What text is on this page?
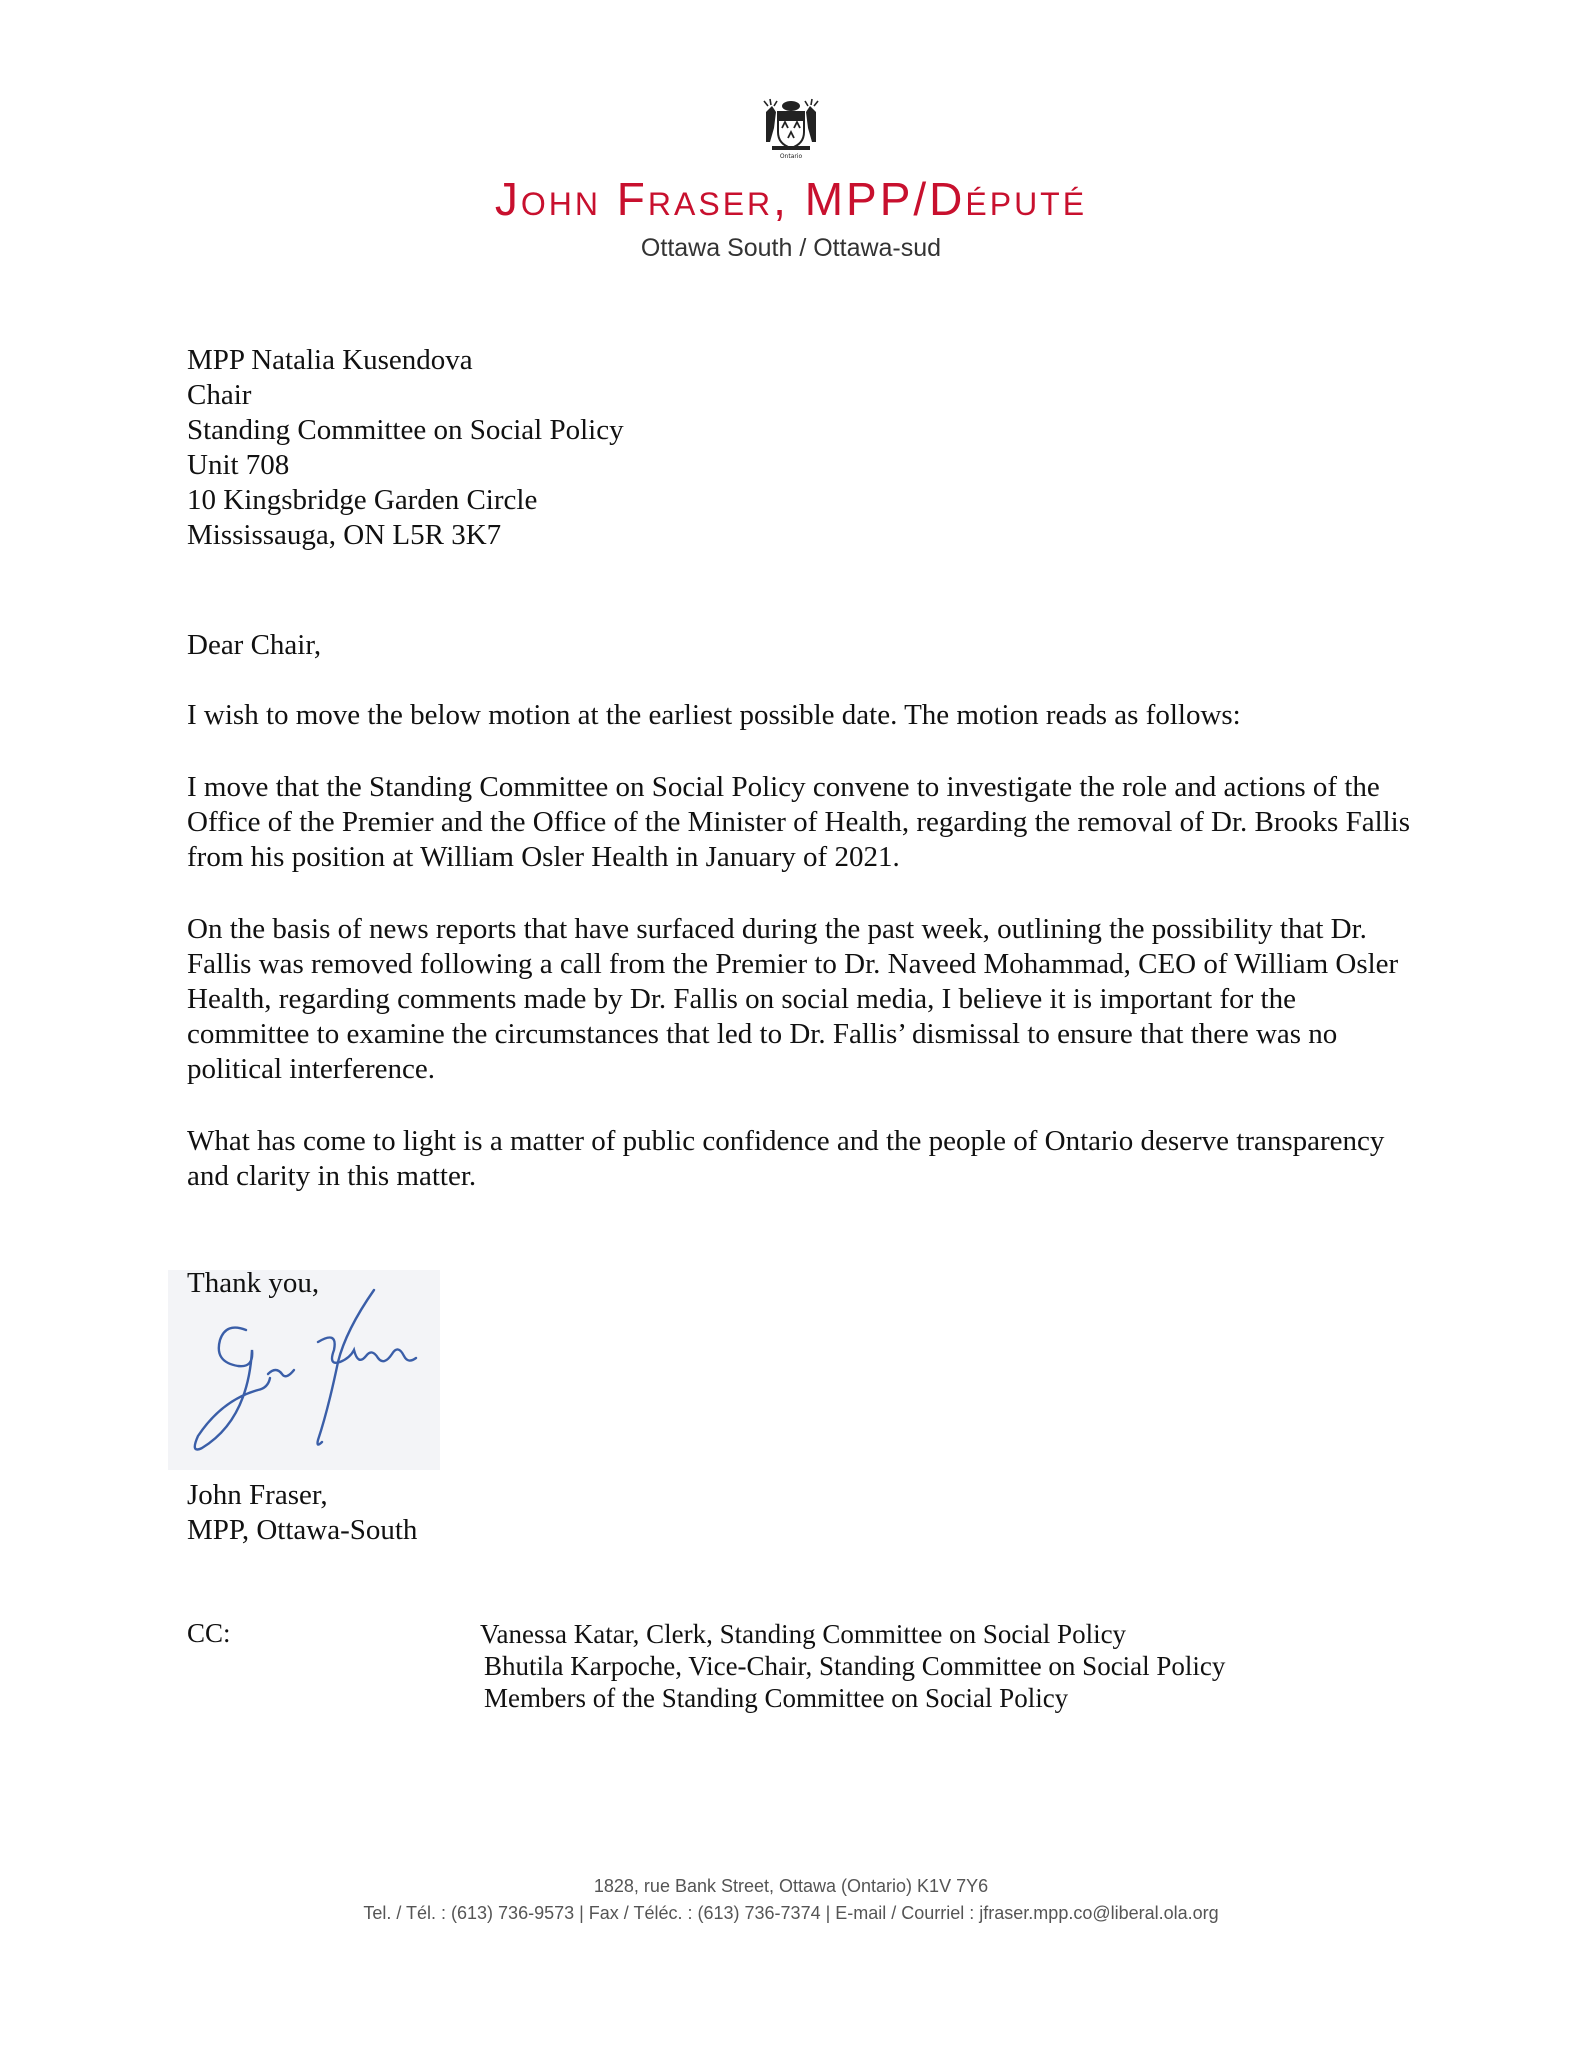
Ontario
John Fraser, MPP/Député
Ottawa South / Ottawa-sud
MPP Natalia Kusendova
Chair
Standing Committee on Social Policy
Unit 708
10 Kingsbridge Garden Circle
Mississauga, ON L5R 3K7
Dear Chair,
I wish to move the below motion at the earliest possible date. The motion reads as follows:
I move that the Standing Committee on Social Policy convene to investigate the role and actions of the Office of the Premier and the Office of the Minister of Health, regarding the removal of Dr. Brooks Fallis from his position at William Osler Health in January of 2021.
On the basis of news reports that have surfaced during the past week, outlining the possibility that Dr. Fallis was removed following a call from the Premier to Dr. Naveed Mohammad, CEO of William Osler Health, regarding comments made by Dr. Fallis on social media, I believe it is important for the committee to examine the circumstances that led to Dr. Fallis’ dismissal to ensure that there was no political interference.
What has come to light is a matter of public confidence and the people of Ontario deserve transparency and clarity in this matter.
Thank you,
John Fraser,
MPP, Ottawa-South
CC:	Vanessa Katar, Clerk, Standing Committee on Social Policy
Bhutila Karpoche, Vice-Chair, Standing Committee on Social Policy
Members of the Standing Committee on Social Policy
1828, rue Bank Street, Ottawa (Ontario) K1V 7Y6
Tel. / Tél. : (613) 736-9573 | Fax / Téléc. : (613) 736-7374 | E-mail / Courriel : jfraser.mpp.co@liberal.ola.org
